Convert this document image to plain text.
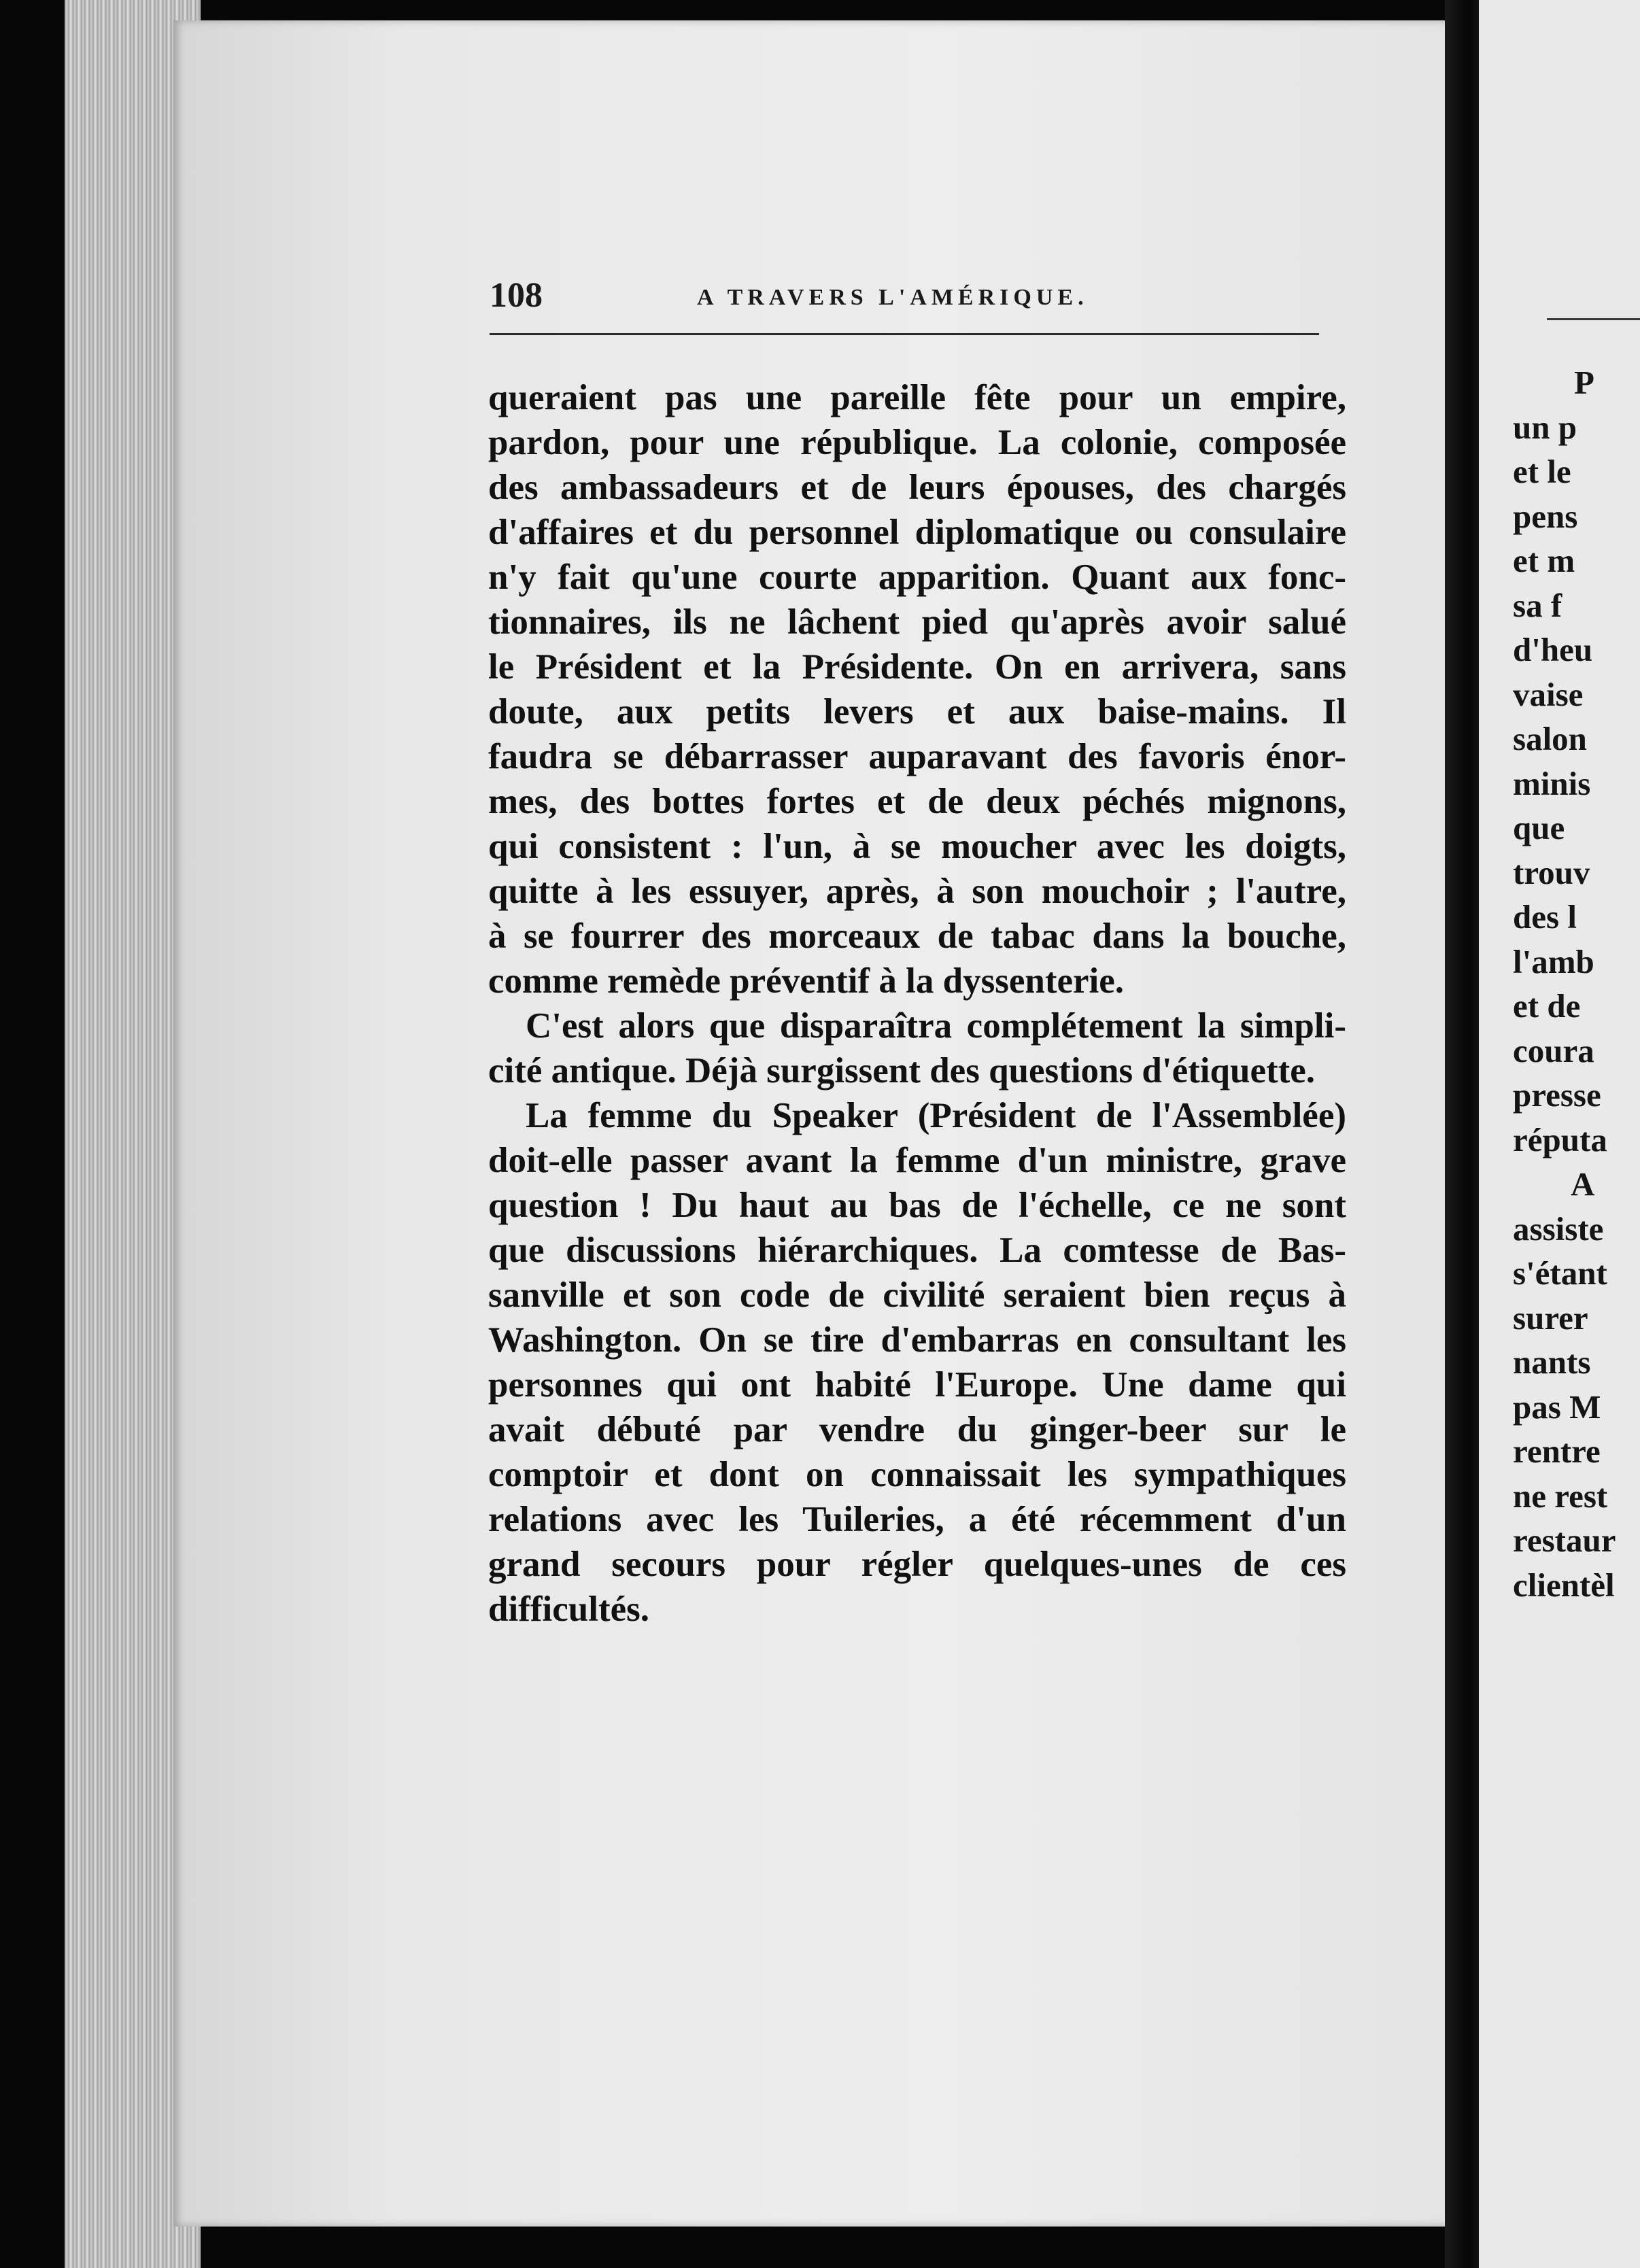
108	A TRAVERS L'AMÉRIQUE.

queraient pas une pareille fête pour un empire,
pardon, pour une république. La colonie, composée
des ambassadeurs et de leurs épouses, des chargés
d'affaires et du personnel diplomatique ou consulaire
n'y fait qu'une courte apparition. Quant aux fonc-
tionnaires, ils ne lâchent pied qu'après avoir salué
le Président et la Présidente. On en arrivera, sans
doute, aux petits levers et aux baise-mains. Il
faudra se débarrasser auparavant des favoris énor-
mes, des bottes fortes et de deux péchés mignons,
qui consistent : l'un, à se moucher avec les doigts,
quitte à les essuyer, après, à son mouchoir ; l'autre,
à se fourrer des morceaux de tabac dans la bouche,
comme remède préventif à la dyssenterie.

C'est alors que disparaîtra complétement la simpli-
cité antique. Déjà surgissent des questions d'étiquette.

La femme du Speaker (Président de l'Assemblée)
doit-elle passer avant la femme d'un ministre, grave
question ! Du haut au bas de l'échelle, ce ne sont
que discussions hiérarchiques. La comtesse de Bas-
sanville et son code de civilité seraient bien reçus à
Washington. On se tire d'embarras en consultant les
personnes qui ont habité l'Europe. Une dame qui
avait débuté par vendre du ginger-beer sur le
comptoir et dont on connaissait les sympathiques
relations avec les Tuileries, a été récemment d'un
grand secours pour régler quelques-unes de ces
difficultés.

P
un p
et le
pens
et m
sa f
d'heu
vaise
salon
minis
que
trouv
des l
l'amb
et de
coura
presse
réputa
A
assiste
s'étant
surer
nants
pas M
rentre
ne rest
restaur
clientèl
